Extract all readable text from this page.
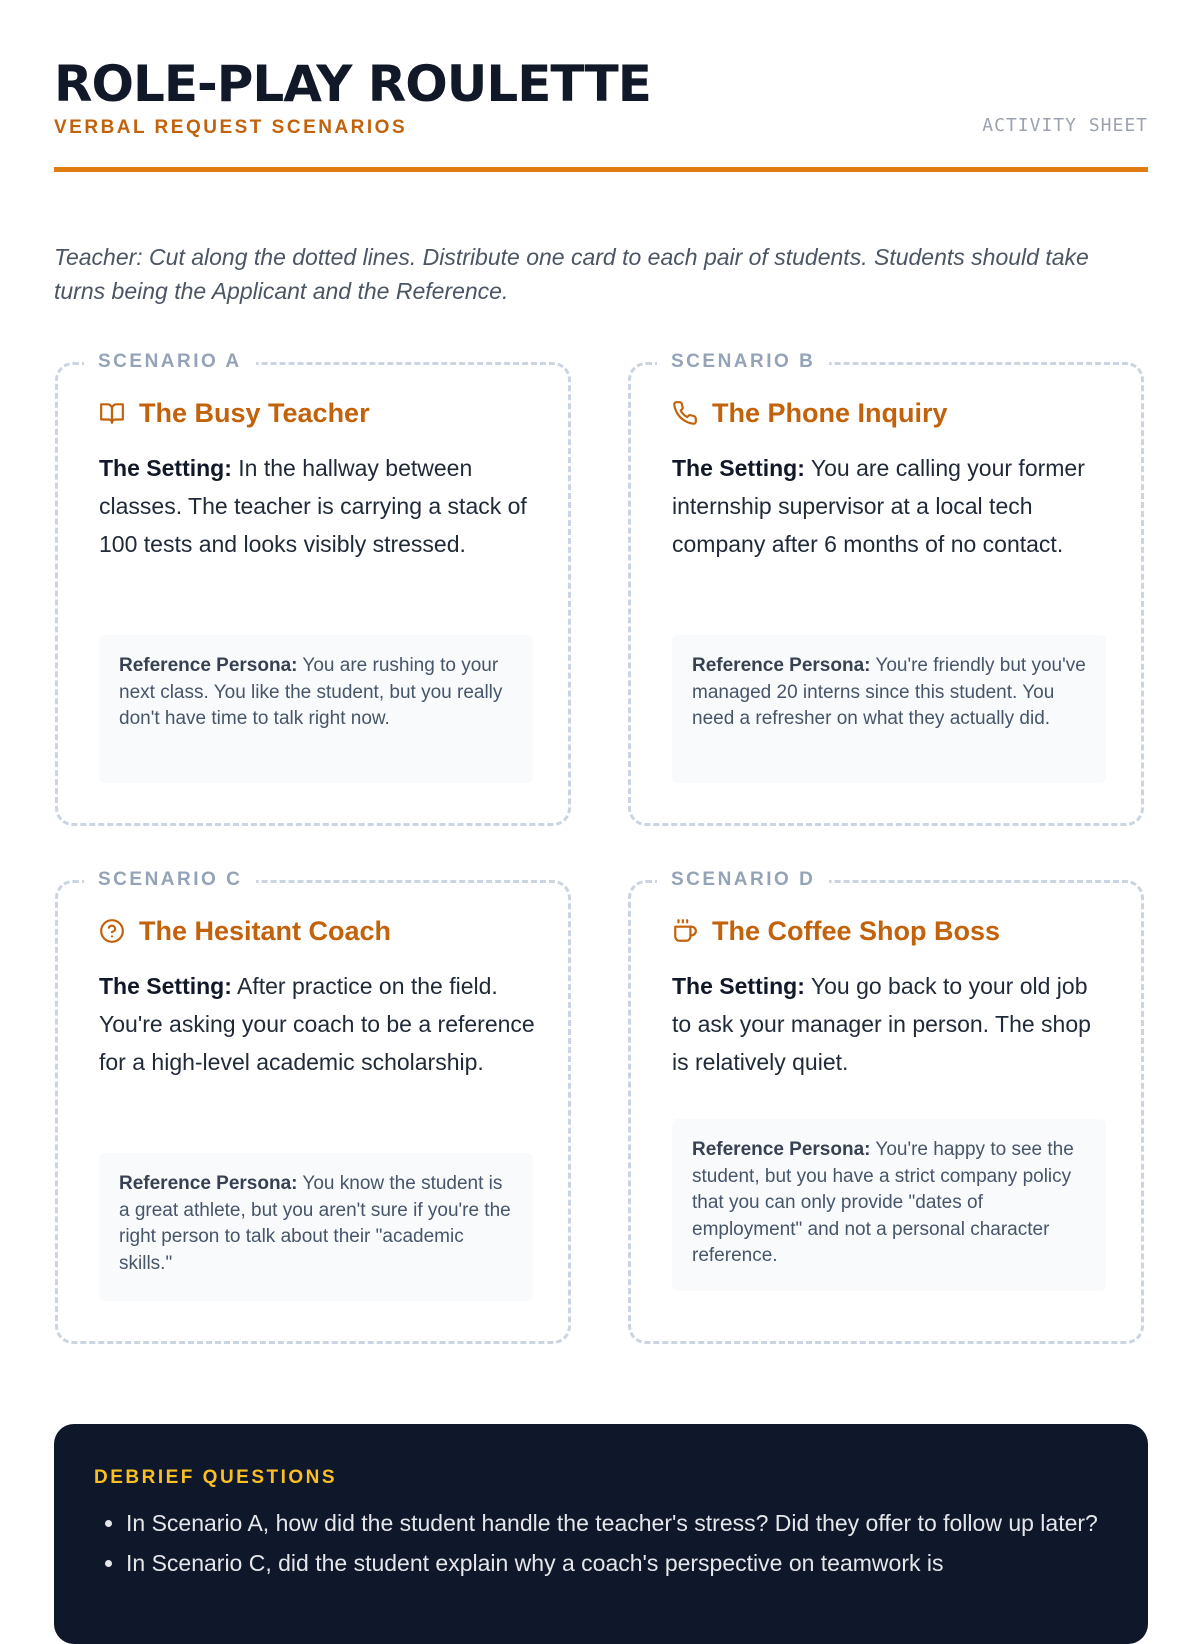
ROLE-PLAY ROULETTE
VERBAL REQUEST SCENARIOS	ACTIVITY SHEET

Teacher: Cut along the dotted lines. Distribute one card to each pair of students. Students should take turns being the Applicant and the Reference.

SCENARIO A
The Busy Teacher

The Setting: In the hallway between classes. The teacher is carrying a stack of 100 tests and looks visibly stressed.

Reference Persona: You are rushing to your next class. You like the student, but you really don't have time to talk right now.
SCENARIO B
The Phone Inquiry

The Setting: You are calling your former internship supervisor at a local tech company after 6 months of no contact.

Reference Persona: You're friendly but you've managed 20 interns since this student. You need a refresher on what they actually did.
SCENARIO C
The Hesitant Coach

The Setting: After practice on the field. You're asking your coach to be a reference for a high-level academic scholarship.

Reference Persona: You know the student is a great athlete, but you aren't sure if you're the right person to talk about their "academic skills."
SCENARIO D
The Coffee Shop Boss

The Setting: You go back to your old job to ask your manager in person. The shop is relatively quiet.

Reference Persona: You're happy to see the student, but you have a strict company policy that you can only provide "dates of employment" and not a personal character reference.
DEBRIEF QUESTIONS
• In Scenario A, how did the student handle the teacher's stress? Did they offer to follow up later?
• In Scenario C, did the student explain why a coach's perspective on teamwork is
